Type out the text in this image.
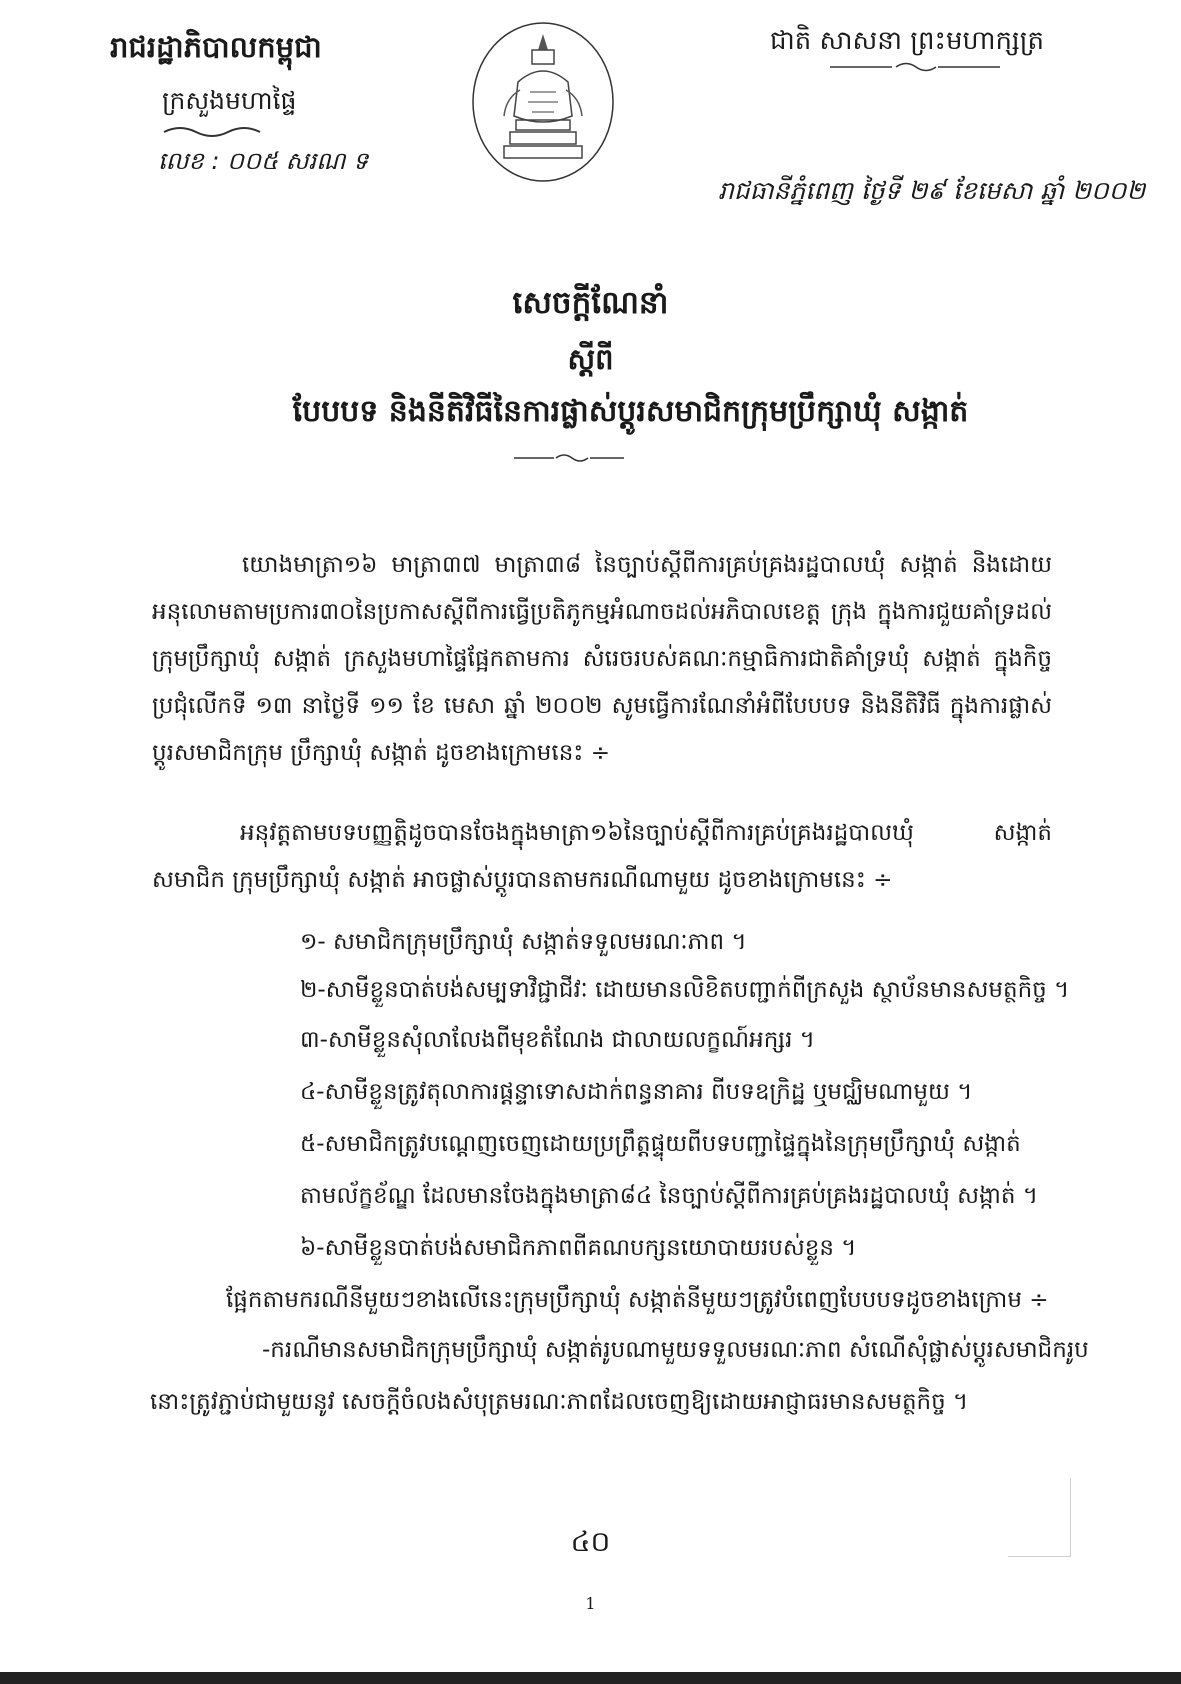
រាជរដ្ឋាភិបាលកម្ពុជា
ក្រសួងមហាផ្ទៃ
លេខ : ០០៥ សរណ ទ
ជាតិ សាសនា ព្រះមហាក្សត្រ
រាជធានីភ្នំពេញ ថ្ងៃទី ២៩ ខែមេសា ឆ្នាំ ២០០២
សេចក្តីណែនាំ
ស្តីពី
បែបបទ និងនីតិវិធីនៃការផ្លាស់ប្តូរសមាជិកក្រុមប្រឹក្សាឃុំ សង្កាត់
យោងមាត្រា១៦ មាត្រា៣៧ មាត្រា៣៨ នៃច្បាប់ស្តីពីការគ្រប់គ្រងរដ្ឋបាលឃុំ សង្កាត់ និងដោយ អនុលោមតាមប្រការ៣០នៃប្រកាសស្តីពីការធ្វើប្រតិភូកម្មអំណាចដល់អភិបាលខេត្ត ក្រុង ក្នុងការជួយគាំទ្រដល់ ក្រុមប្រឹក្សាឃុំ សង្កាត់ ក្រសួងមហាផ្ទៃផ្អែកតាមការ សំរេចរបស់គណៈកម្មាធិការជាតិគាំទ្រឃុំ សង្កាត់ ក្នុងកិច្ចប្រជុំលើកទី ១៣ នាថ្ងៃទី ១១ ខែ មេសា ឆ្នាំ ២០០២ សូមធ្វើការណែនាំអំពីបែបបទ និងនីតិវិធី ក្នុងការផ្លាស់ប្តូរសមាជិកក្រុម ប្រឹក្សាឃុំ សង្កាត់ ដូចខាងក្រោមនេះ ÷
អនុវត្តតាមបទបញ្ញត្តិដូចបានចែងក្នុងមាត្រា១៦នៃច្បាប់ស្តីពីការគ្រប់គ្រងរដ្ឋបាលឃុំ សង្កាត់ សមាជិក ក្រុមប្រឹក្សាឃុំ សង្កាត់ អាចផ្លាស់ប្តូរបានតាមករណីណាមួយ ដូចខាងក្រោមនេះ ÷
១- សមាជិកក្រុមប្រឹក្សាឃុំ សង្កាត់ទទួលមរណៈភាព ។
២-សាមីខ្លួនបាត់បង់សម្បទាវិជ្ជាជីវៈ ដោយមានលិខិតបញ្ជាក់ពីក្រសួង ស្ថាប័នមានសមត្ថកិច្ច ។
៣-សាមីខ្លួនសុំលាលែងពីមុខតំណែង ជាលាយលក្ខណ៍អក្សរ ។
៤-សាមីខ្លួនត្រូវតុលាការផ្តន្ទាទោសដាក់ពន្ធនាគារ ពីបទឧក្រិដ្ឋ ឬមជ្ឈិមណាមួយ ។
៥-សមាជិកត្រូវបណ្តេញចេញដោយប្រព្រឹត្តផ្ទុយពីបទបញ្ជាផ្ទៃក្នុងនៃក្រុមប្រឹក្សាឃុំ សង្កាត់
តាមល័ក្ខខ័ណ្ឌ ដែលមានចែងក្នុងមាត្រា៨៤ នៃច្បាប់ស្តីពីការគ្រប់គ្រងរដ្ឋបាលឃុំ សង្កាត់ ។
៦-សាមីខ្លួនបាត់បង់សមាជិកភាពពីគណបក្សនយោបាយរបស់ខ្លួន ។
ផ្អែកតាមករណីនីមួយៗខាងលើនេះក្រុមប្រឹក្សាឃុំ សង្កាត់នីមួយៗត្រូវបំពេញបែបបទដូចខាងក្រោម ÷
-ករណីមានសមាជិកក្រុមប្រឹក្សាឃុំ សង្កាត់រូបណាមួយទទួលមរណៈភាព សំណើសុំផ្លាស់ប្តូរសមាជិករូប
នោះត្រូវភ្ជាប់ជាមួយនូវ សេចក្តីចំលងសំបុត្រមរណៈភាពដែលចេញឱ្យដោយអាជ្ញាធរមានសមត្ថកិច្ច ។
៤០
1
